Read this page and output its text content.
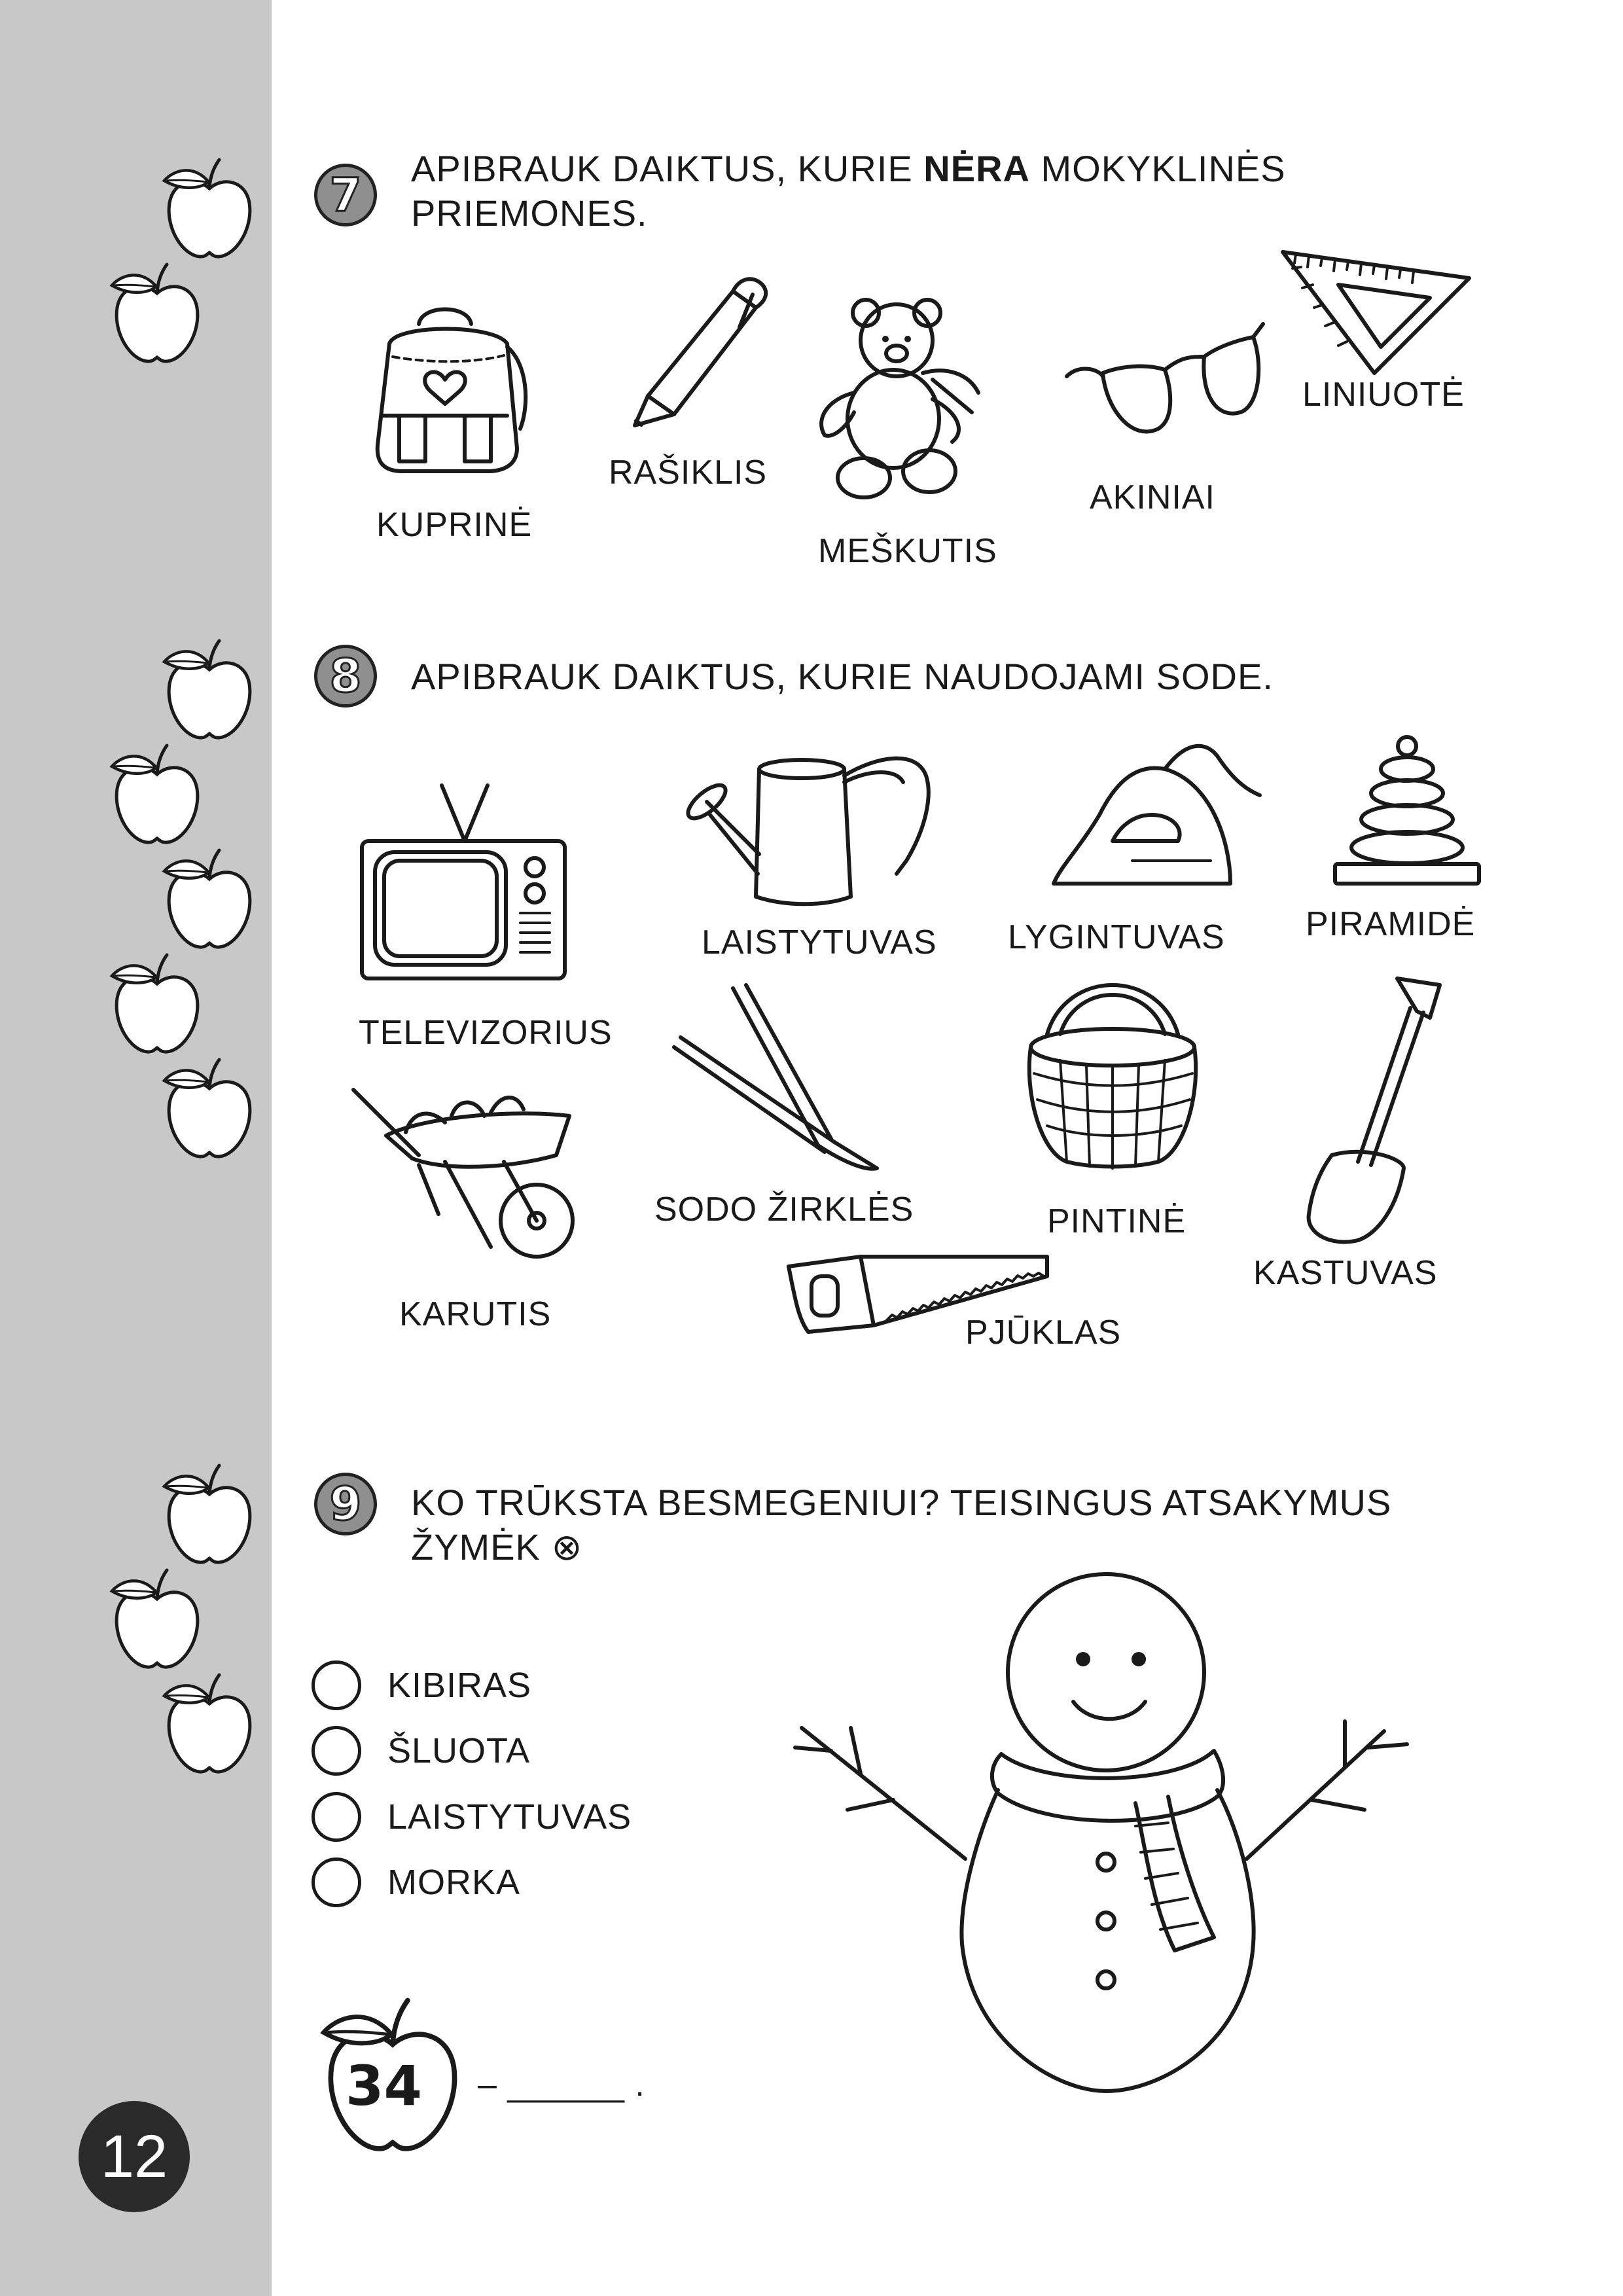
7 APIBRAUK DAIKTUS, KURIE NĖRA MOKYKLINĖS PRIEMONES.
KUPRINĖ
RAŠIKLIS
MEŠKUTIS
AKINIAI
LINIUOTĖ
8 APIBRAUK DAIKTUS, KURIE NAUDOJAMI SODE.
TELEVIZORIUS
LAISTYTUVAS LYGINTUVAS PIRAMIDĖ
KARUTIS
SODO ŽIRKLĖS	PINTINĖ
KASTUVAS
PJŪKLAS
9 KO TRŪKSTA BESMEGENIUI? TEISINGUS ATSAKYMUS ŽYMĖK ⊗
KIBIRAS
ŠLUOTA
LAISTYTUVAS
MORKA
34 – ______ .
12
